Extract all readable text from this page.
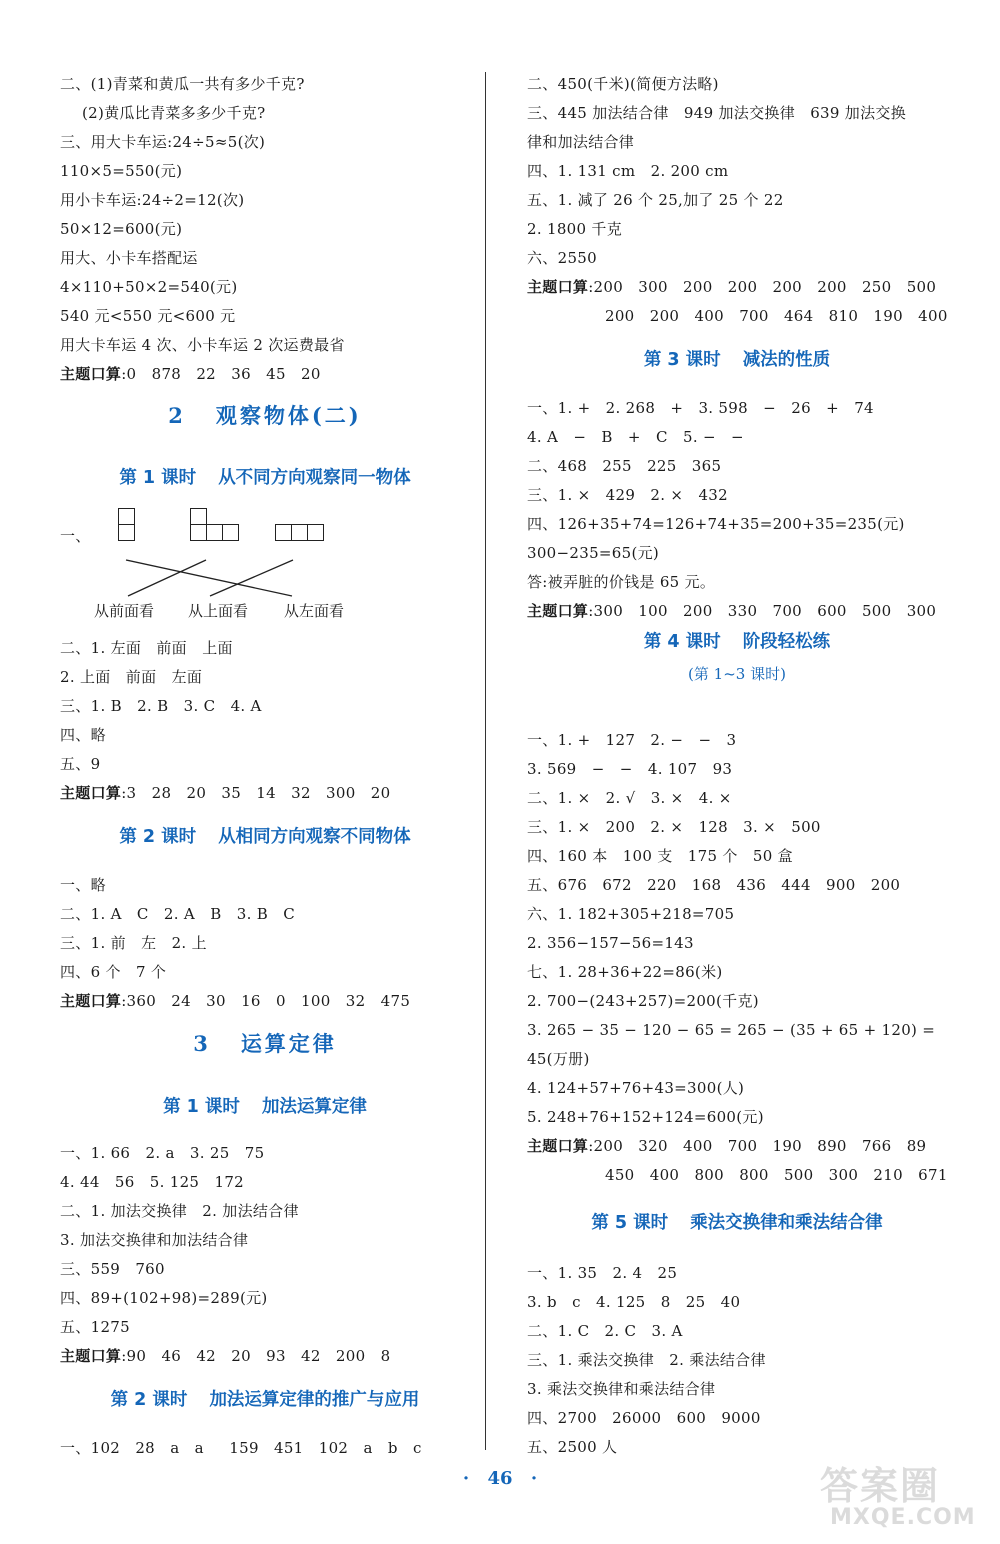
二、(1)青菜和黄瓜一共有多少千克?
(2)黄瓜比青菜多多少千克?
三、用大卡车运:24÷5≈5(次)
110×5=550(元)
用小卡车运:24÷2=12(次)
50×12=600(元)
用大、小卡车搭配运
4×110+50×2=540(元)
540 元<550 元<600 元
用大卡车运 4 次、小卡车运 2 次运费最省
主题口算:0   878   22   36   45   20
2 观察物体(二)
第 1 课时 从不同方向观察同一物体
一、
从前面看 从上面看 从左面看
二、1. 左面   前面   上面
2. 上面   前面   左面
三、1. B   2. B   3. C   4. A
四、略
五、9
主题口算:3   28   20   35   14   32   300   20
第 2 课时 从相同方向观察不同物体
一、略
二、1. A   C   2. A   B   3. B   C
三、1. 前   左   2. 上
四、6 个   7 个
主题口算:360   24   30   16   0   100   32   475
3 运算定律
第 1 课时 加法运算定律
一、1. 66   2. a   3. 25   75
4. 44   56   5. 125   172
二、1. 加法交换律   2. 加法结合律
3. 加法交换律和加法结合律
三、559   760
四、89+(102+98)=289(元)
五、1275
主题口算:90   46   42   20   93   42   200   8
第 2 课时 加法运算定律的推广与应用
一、102   28   a   a     159   451   102   a   b   c
二、450(千米)(简便方法略)
三、445 加法结合律   949 加法交换律   639 加法交换
律和加法结合律
四、1. 131 cm   2. 200 cm
五、1. 减了 26 个 25,加了 25 个 22
2. 1800 千克
六、2550
主题口算:200   300   200   200   200   200   250   500
200   200   400   700   464   810   190   400
第 3 课时 减法的性质
一、1. +   2. 268   +   3. 598   −   26   +   74
4. A   −   B   +   C   5. −   −
二、468   255   225   365
三、1. ×   429   2. ×   432
四、126+35+74=126+74+35=200+35=235(元)
300−235=65(元)
答:被弄脏的价钱是 65 元。
主题口算:300   100   200   330   700   600   500   300
第 4 课时 阶段轻松练
(第 1~3 课时)
一、1. +   127   2. −   −   3
3. 569   −   −   4. 107   93
二、1. ×   2. √   3. ×   4. ×
三、1. ×   200   2. ×   128   3. ×   500
四、160 本   100 支   175 个   50 盒
五、676   672   220   168   436   444   900   200
六、1. 182+305+218=705
2. 356−157−56=143
七、1. 28+36+22=86(米)
2. 700−(243+257)=200(千克)
3. 265 − 35 − 120 − 65 = 265 − (35 + 65 + 120) =
45(万册)
4. 124+57+76+43=300(人)
5. 248+76+152+124=600(元)
主题口算:200   320   400   700   190   890   766   89
450   400   800   800   500   300   210   671
第 5 课时 乘法交换律和乘法结合律
一、1. 35   2. 4   25
3. b   c   4. 125   8   25   40
二、1. C   2. C   3. A
三、1. 乘法交换律   2. 乘法结合律
3. 乘法交换律和乘法结合律
四、2700   26000   600   9000
五、2500 人
· 46 ·	答案圈
MXQE.COM
